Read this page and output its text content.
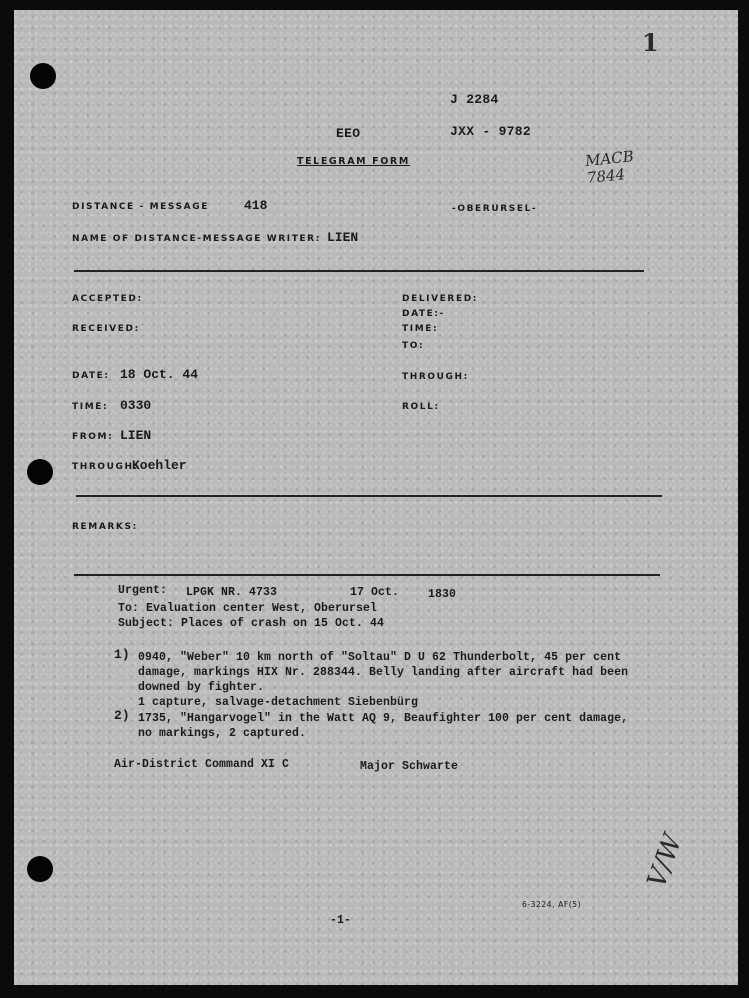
1
J 2284
EEO	JXX - 9782
TELEGRAM FORM	MACB 7844
DISTANCE - MESSAGE	418	-OBERURSEL-
NAME OF DISTANCE-MESSAGE WRITER: LIEN
ACCEPTED:
RECEIVED:
DELIVERED:
DATE:-
TIME:
TO:
DATE: 18 Oct. 44	THROUGH:
TIME: 0330	ROLL:
FROM: LIEN
THROUGH:
Koehler
REMARKS:
Urgent: LPGK NR. 4733	17 Oct.	1830
To: Evaluation center West, Oberursel
Subject: Places of crash on 15 Oct. 44
1) 0940, "Weber" 10 km north of "Soltau" D U 62 Thunderbolt, 45 per cent
damage, markings HIX Nr. 288344. Belly landing after aircraft had been
downed by fighter.
1 capture, salvage-detachment Siebenbürg
2) 1735, "Hangarvogel" in the Watt AQ 9, Beaufighter 100 per cent damage,
no markings, 2 captured.
Air-District Command XI C	Major Schwarte
V/W
6-3224, AF(5)
-1-
